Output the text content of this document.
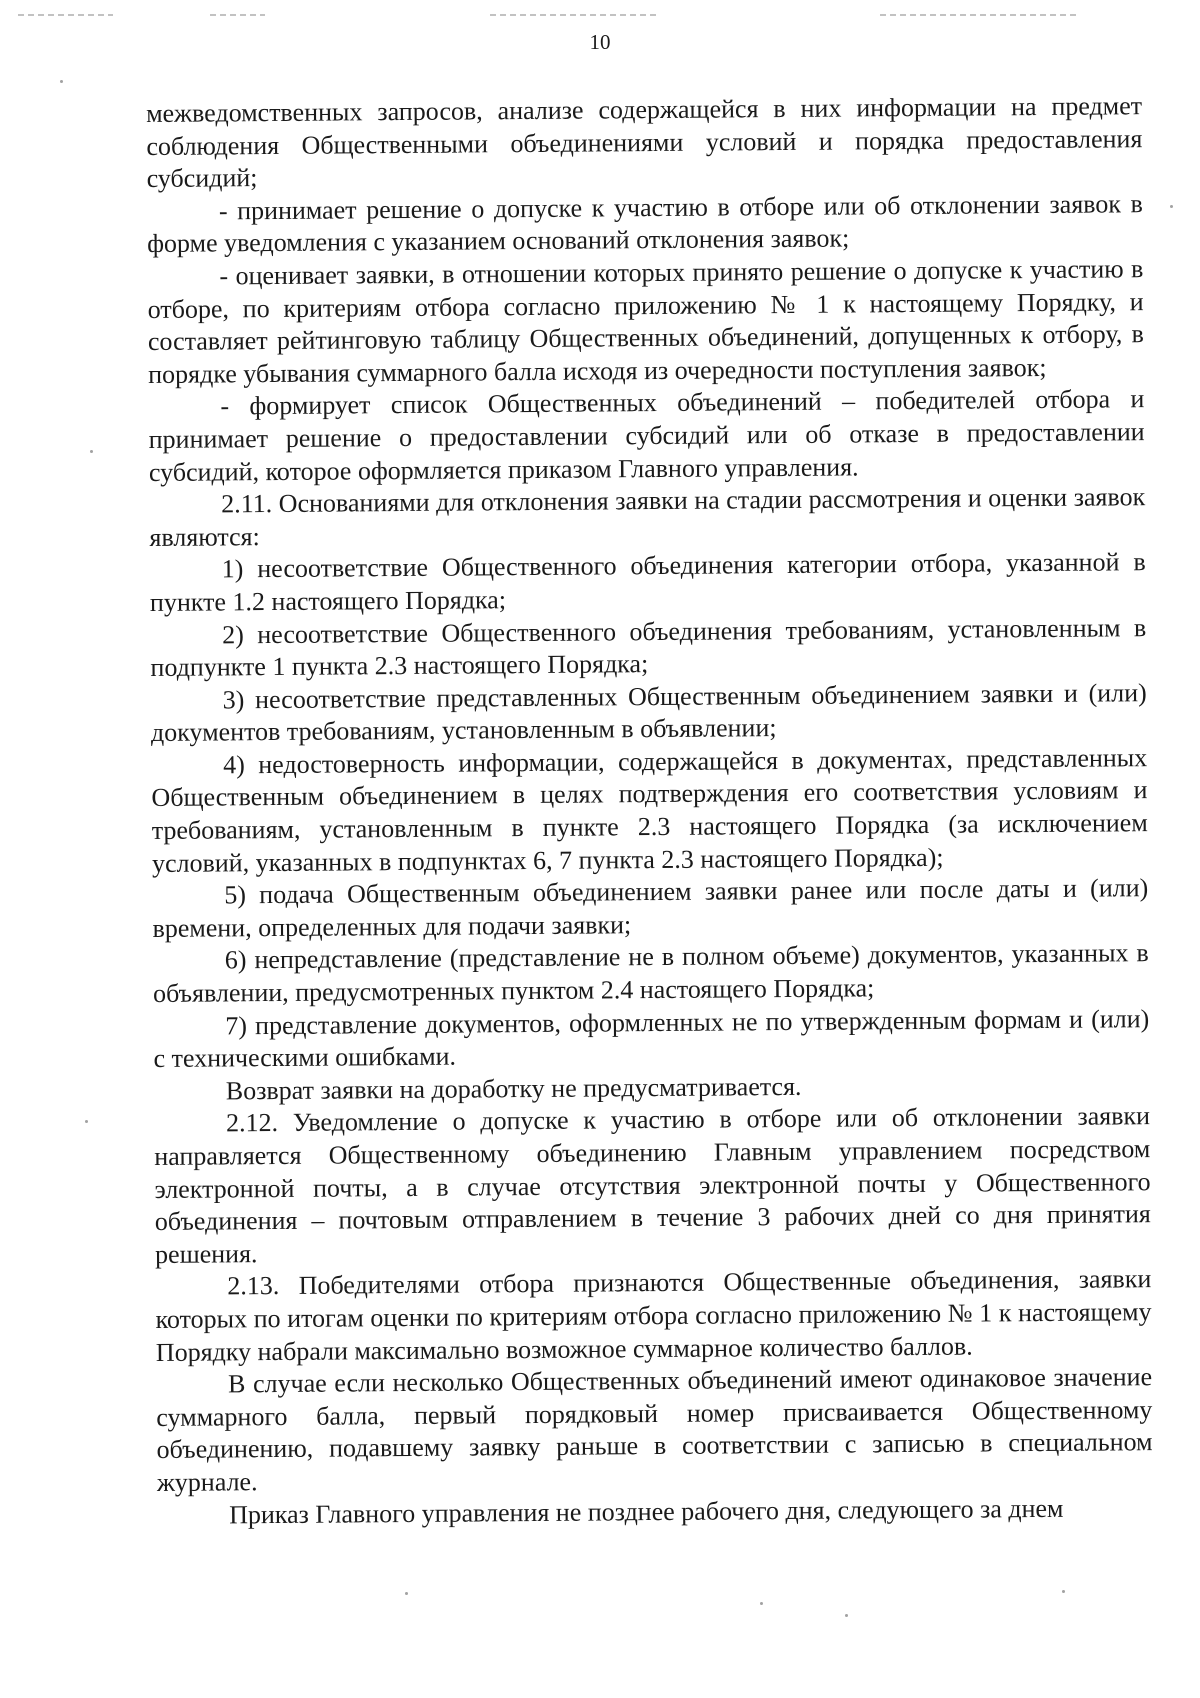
10

межведомственных запросов, анализе содержащейся в них информации на предмет соблюдения Общественными объединениями условий и порядка предоставления субсидий;

- принимает решение о допуске к участию в отборе или об отклонении заявок в форме уведомления с указанием оснований отклонения заявок;

- оценивает заявки, в отношении которых принято решение о допуске к участию в отборе, по критериям отбора согласно приложению № 1 к настоящему Порядку, и составляет рейтинговую таблицу Общественных объединений, допущенных к отбору, в порядке убывания суммарного балла исходя из очередности поступления заявок;

- формирует список Общественных объединений – победителей отбора и принимает решение о предоставлении субсидий или об отказе в предоставлении субсидий, которое оформляется приказом Главного управления.

2.11. Основаниями для отклонения заявки на стадии рассмотрения и оценки заявок являются:

1) несоответствие Общественного объединения категории отбора, указанной в пункте 1.2 настоящего Порядка;

2) несоответствие Общественного объединения требованиям, установленным в подпункте 1 пункта 2.3 настоящего Порядка;

3) несоответствие представленных Общественным объединением заявки и (или) документов требованиям, установленным в объявлении;

4) недостоверность информации, содержащейся в документах, представленных Общественным объединением в целях подтверждения его соответствия условиям и требованиям, установленным в пункте 2.3 настоящего Порядка (за исключением условий, указанных в подпунктах 6, 7 пункта 2.3 настоящего Порядка);

5) подача Общественным объединением заявки ранее или после даты и (или) времени, определенных для подачи заявки;

6) непредставление (представление не в полном объеме) документов, указанных в объявлении, предусмотренных пунктом 2.4 настоящего Порядка;

7) представление документов, оформленных не по утвержденным формам и (или) с техническими ошибками.

Возврат заявки на доработку не предусматривается.

2.12. Уведомление о допуске к участию в отборе или об отклонении заявки направляется Общественному объединению Главным управлением посредством электронной почты, а в случае отсутствия электронной почты у Общественного объединения – почтовым отправлением в течение 3 рабочих дней со дня принятия решения.

2.13. Победителями отбора признаются Общественные объединения, заявки которых по итогам оценки по критериям отбора согласно приложению № 1 к настоящему Порядку набрали максимально возможное суммарное количество баллов.

В случае если несколько Общественных объединений имеют одинаковое значение суммарного балла, первый порядковый номер присваивается Общественному объединению, подавшему заявку раньше в соответствии с записью в специальном журнале.

Приказ Главного управления не позднее рабочего дня, следующего за днем
